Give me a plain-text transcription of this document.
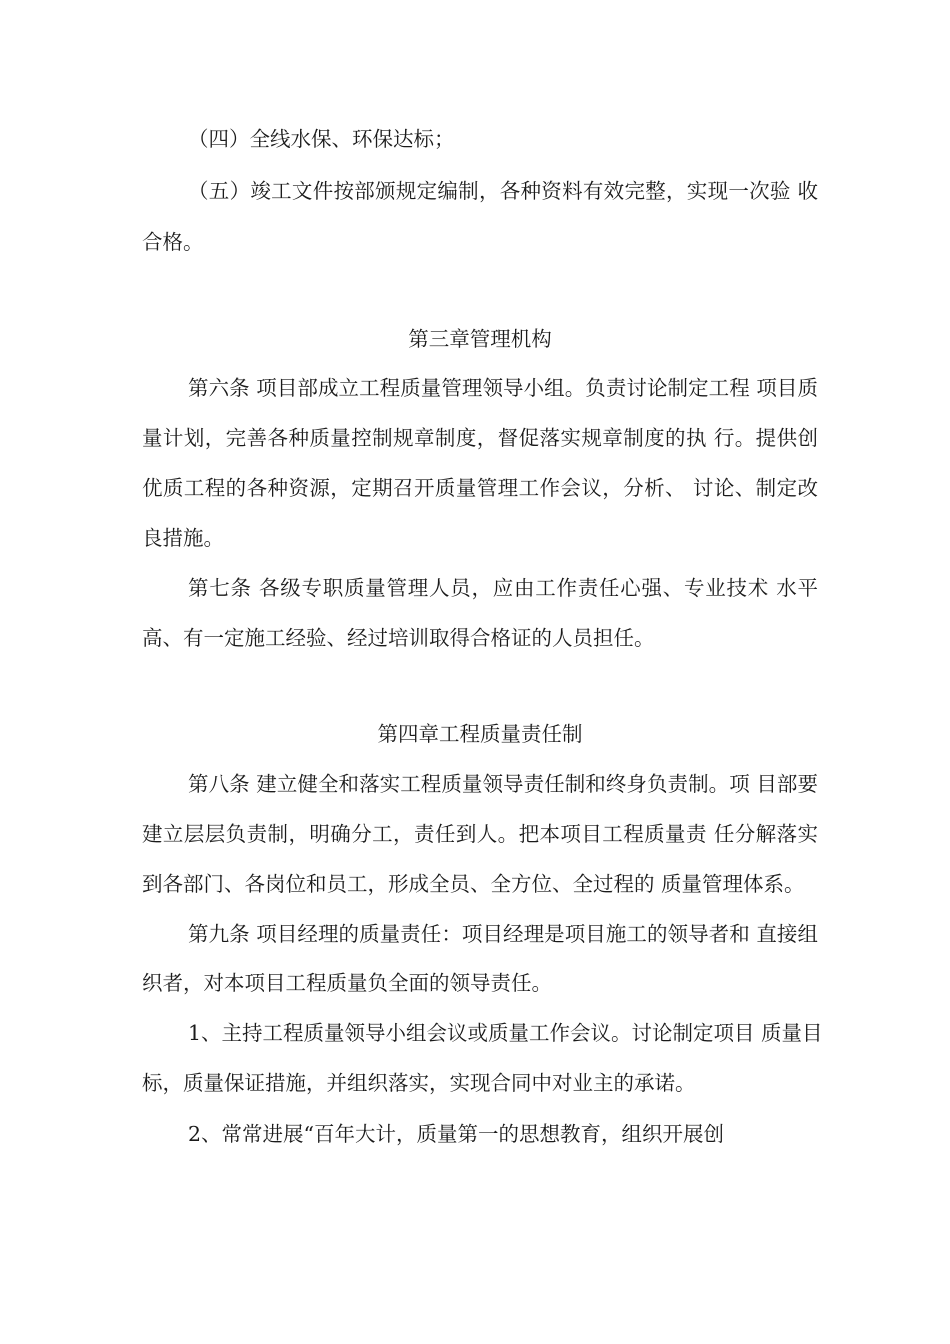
（四）全线水保、环保达标；
（五）竣工文件按部颁规定编制，各种资料有效完整，实现一次验 收
合格。
第三章管理机构
第六条 项目部成立工程质量管理领导小组。负责讨论制定工程 项目质
量计划，完善各种质量控制规章制度，督促落实规章制度的执 行。提供创
优质工程的各种资源，定期召开质量管理工作会议，分析、 讨论、制定改
良措施。
第七条 各级专职质量管理人员，应由工作责任心强、专业技术 水平
高、有一定施工经验、经过培训取得合格证的人员担任。
第四章工程质量责任制
第八条 建立健全和落实工程质量领导责任制和终身负责制。项 目部要
建立层层负责制，明确分工，责任到人。把本项目工程质量责 任分解落实
到各部门、各岗位和员工，形成全员、全方位、全过程的 质量管理体系。
第九条 项目经理的质量责任：项目经理是项目施工的领导者和 直接组
织者，对本项目工程质量负全面的领导责任。
1、主持工程质量领导小组会议或质量工作会议。讨论制定项目 质量目
标，质量保证措施，并组织落实，实现合同中对业主的承诺。
2、常常进展“百年大计，质量第一的思想教育，组织开展创
